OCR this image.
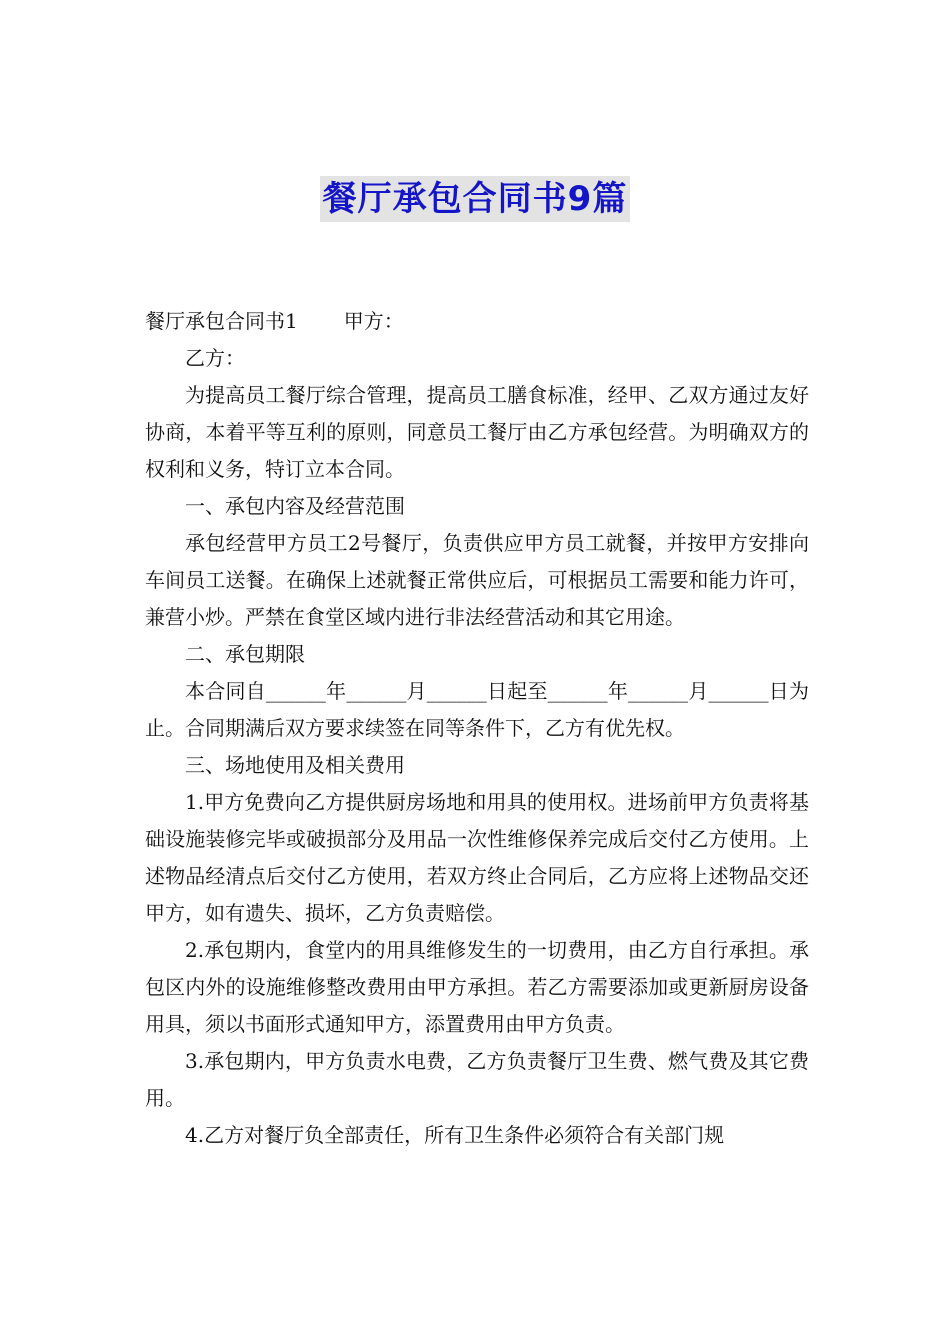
餐厅承包合同书9篇

餐厅承包合同书1 甲方：

乙方：

为提高员工餐厅综合管理，提高员工膳食标准，经甲、乙双方通过友好协商，本着平等互利的原则，同意员工餐厅由乙方承包经营。为明确双方的权利和义务，特订立本合同。

一、承包内容及经营范围

承包经营甲方员工2号餐厅，负责供应甲方员工就餐，并按甲方安排向车间员工送餐。在确保上述就餐正常供应后，可根据员工需要和能力许可，兼营小炒。严禁在食堂区域内进行非法经营活动和其它用途。

二、承包期限

本合同自______年______月______日起至______年______月______日为止。合同期满后双方要求续签在同等条件下，乙方有优先权。

三、场地使用及相关费用

1.甲方免费向乙方提供厨房场地和用具的使用权。进场前甲方负责将基础设施装修完毕或破损部分及用品一次性维修保养完成后交付乙方使用。上述物品经清点后交付乙方使用，若双方终止合同后，乙方应将上述物品交还甲方，如有遗失、损坏，乙方负责赔偿。

2.承包期内，食堂内的用具维修发生的一切费用，由乙方自行承担。承包区内外的设施维修整改费用由甲方承担。若乙方需要添加或更新厨房设备用具，须以书面形式通知甲方，添置费用由甲方负责。

3.承包期内，甲方负责水电费，乙方负责餐厅卫生费、燃气费及其它费用。

4.乙方对餐厅负全部责任，所有卫生条件必须符合有关部门规
